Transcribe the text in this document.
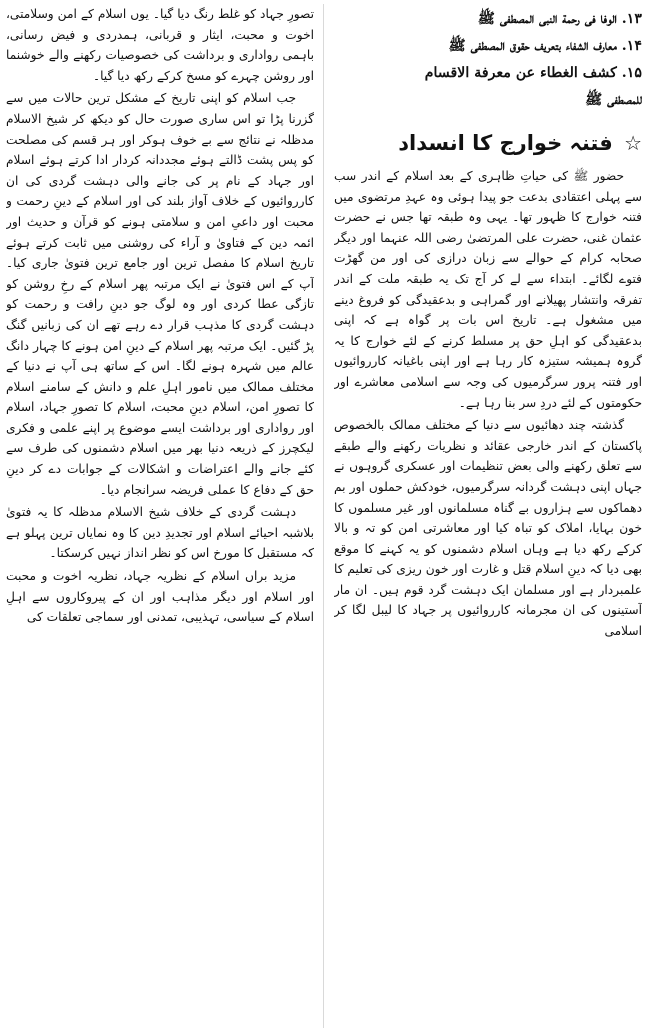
۱۳. الوفا فی رحمة النبی المصطفی ﷺ
۱۴. معارف الشفاء بتعریف حقوق المصطفی ﷺ
۱۵. کشف الغطاء عن معرفة الاقسام
للمصطفی ﷺ
☆ فتنہ خوارج کا انسداد

حضور ﷺ کی حیاتِ ظاہری کے بعد اسلام کے اندر سب سے پہلی اعتقادی بدعت جو پیدا ہوئی وہ عہدِ مرتضوی میں فتنہ خوارج کا ظہور تھا۔ یہی وہ طبقہ تھا جس نے حضرت عثمان غنی، حضرت علی المرتضیٰ رضی اللہ عنہما اور دیگر صحابہ کرام کے حوالے سے زبان درازی کی اور من گھڑت فتوے لگائے۔ ابتداء سے لے کر آج تک یہ طبقہ ملت کے اندر تفرقہ وانتشار پھیلانے اور گمراہی و بدعقیدگی کو فروغ دینے میں مشغول ہے۔ تاریخ اس بات پر گواہ ہے کہ اپنی بدعقیدگی کو اہلِ حق پر مسلط کرنے کے لئے خوارج کا یہ گروہ ہمیشہ ستیزہ کار رہا ہے اور اپنی باغیانہ کارروائیوں اور فتنہ پرور سرگرمیوں کی وجہ سے اسلامی معاشرے اور حکومتوں کے لئے دردِ سر بنا رہا ہے۔

گذشتہ چند دھائیوں سے دنیا کے مختلف ممالک بالخصوص پاکستان کے اندر خارجی عقائد و نظریات رکھنے والے طبقے سے تعلق رکھنے والی بعض تنظیمات اور عسکری گروہوں نے جہاں اپنی دہشت گردانہ سرگرمیوں، خودکش حملوں اور بم دھماکوں سے ہزاروں بے گناہ مسلمانوں اور غیر مسلموں کا خون بہایا، املاک کو تباہ کیا اور معاشرتی امن کو تہ و بالا کرکے رکھ دیا ہے وہاں اسلام دشمنوں کو یہ کہنے کا موقع بھی دیا کہ دینِ اسلام قتل و غارت اور خون ریزی کی تعلیم کا علمبردار ہے اور مسلمان ایک دہشت گرد قوم ہیں۔ ان مار آستینوں کی ان مجرمانہ کارروائیوں پر جہاد کا لیبل لگا کر اسلامی

تصورِ جہاد کو غلط رنگ دیا گیا۔ یوں اسلام کے امن وسلامتی، اخوت و محبت، ایثار و قربانی، ہمدردی و فیض رسانی، باہمی رواداری و برداشت کی خصوصیات رکھنے والے خوشنما اور روشن چہرے کو مسخ کرکے رکھ دیا گیا۔

جب اسلام کو اپنی تاریخ کے مشکل ترین حالات میں سے گزرنا پڑا تو اس ساری صورت حال کو دیکھ کر شیخ الاسلام مدظلہ نے نتائج سے بے خوف ہوکر اور ہر قسم کی مصلحت کو پس پشت ڈالتے ہوئے مجددانہ کردار ادا کرتے ہوئے اسلام اور جہاد کے نام پر کی جانے والی دہشت گردی کی ان کارروائیوں کے خلاف آواز بلند کی اور اسلام کے دینِ رحمت و محبت اور داعیِ امن و سلامتی ہونے کو قرآن و حدیث اور ائمہ دین کے فتاویٰ و آراء کی روشنی میں ثابت کرتے ہوئے تاریخ اسلام کا مفصل ترین اور جامع ترین فتویٰ جاری کیا۔ آپ کے اس فتویٰ نے ایک مرتبہ پھر اسلام کے رخِ روشن کو تازگی عطا کردی اور وہ لوگ جو دینِ رافت و رحمت کو دہشت گردی کا مذہب قرار دے رہے تھے ان کی زبانیں گنگ پڑ گئیں۔ ایک مرتبہ پھر اسلام کے دینِ امن ہونے کا چہار دانگ عالم میں شہرہ ہونے لگا۔ اس کے ساتھ ہی آپ نے دنیا کے مختلف ممالک میں نامور اہلِ علم و دانش کے سامنے اسلام کا تصورِ امن، اسلام دینِ محبت، اسلام کا تصورِ جہاد، اسلام اور رواداری اور برداشت ایسے موضوع پر اپنے علمی و فکری لیکچرز کے ذریعہ دنیا بھر میں اسلام دشمنوں کی طرف سے کئے جانے والے اعتراضات و اشکالات کے جوابات دے کر دینِ حق کے دفاع کا عملی فریضہ سرانجام دیا۔

دہشت گردی کے خلاف شیخ الاسلام مدظلہ کا یہ فتویٰ بلاشبہ احیائے اسلام اور تجدیدِ دین کا وہ نمایاں ترین پہلو ہے کہ مستقبل کا مورخ اس کو نظر انداز نہیں کرسکتا۔

مزید براں اسلام کے نظریہ جہاد، نظریہ اخوت و محبت اور اسلام اور دیگر مذاہب اور ان کے پیروکاروں سے اہلِ اسلام کے سیاسی، تہذیبی، تمدنی اور سماجی تعلقات کی
